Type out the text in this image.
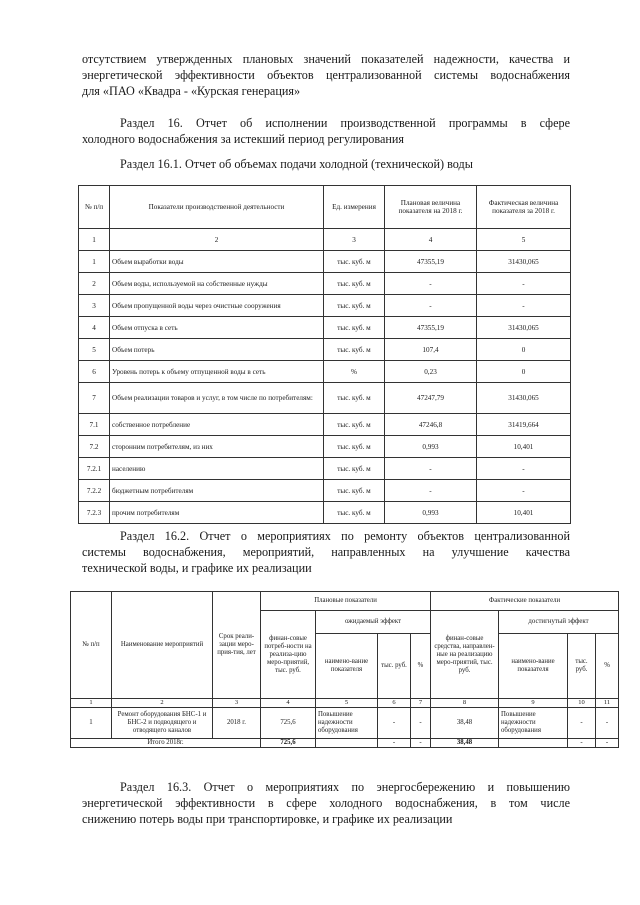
отсутствием утвержденных плановых значений показателей надежности, качества и
энергетической эффективности объектов централизованной системы водоснабжения
для «ПАО «Квадра - «Курская генерация»
Раздел 16. Отчет об исполнении производственной программы в сфере
холодного водоснабжения за истекший период регулирования
Раздел 16.1. Отчет об объемах подачи холодной (технической) воды
№ п/п	Показатели производственной деятельности	Ед. измерения	Плановая величина показателя на 2018 г.	Фактическая величина показателя за 2018 г.
1	2	3	4	5
1	Объем выработки воды	тыс. куб. м	47355,19	31430,065
2	Объем воды, используемой на собственные нужды	тыс. куб. м	-	-
3	Объем пропущенной воды через очистные сооружения	тыс. куб. м	-	-
4	Объем отпуска в сеть	тыс. куб. м	47355,19	31430,065
5	Объем потерь	тыс. куб. м	107,4	0
6	Уровень потерь к объему отпущенной воды в сеть	%	0,23	0
7	Объем реализации товаров и услуг, в том числе по потребителям:	тыс. куб. м	47247,79	31430,065
7.1	собственное потребление	тыс. куб. м	47246,8	31419,664
7.2	сторонним потребителям, из них	тыс. куб. м	0,993	10,401
7.2.1	населению	тыс. куб. м	-	-
7.2.2	бюджетным потребителям	тыс. куб. м	-	-
7.2.3	прочим потребителям	тыс. куб. м	0,993	10,401
Раздел 16.2. Отчет о мероприятиях по ремонту объектов централизованной
системы водоснабжения, мероприятий, направленных на улучшение качества
технической воды, и графике их реализации
№ п/п	Наименование мероприятий	Срок реали-зации меро-прия-тия, лет	Плановые показатели				Фактические показатели			
			финан-совые потреб-ности на реализа-цию меро-приятий, тыс. руб.	ожидаемый эффект			финан-совые средства, направлен-ные на реализацию меро-приятий, тыс. руб.	достигнутый эффект		
				наимено-вание показателя	тыс. руб.	%		наимено-вание показателя	тыс. руб.	%
1	2	3	4	5	6	7	8	9	10	11
1	Ремонт оборудования БНС-1 и БНС-2 и подводящего и отводящего каналов	2018 г.	725,6	Повышение надежности оборудования	-	-	38,48	Повышение надежности оборудования	-	-
Итого 2018г.			725,6		-	-	38,48		-	-
Раздел 16.3. Отчет о мероприятиях по энергосбережению и повышению
энергетической эффективности в сфере холодного водоснабжения, в том числе
снижению потерь воды при транспортировке, и графике их реализации
